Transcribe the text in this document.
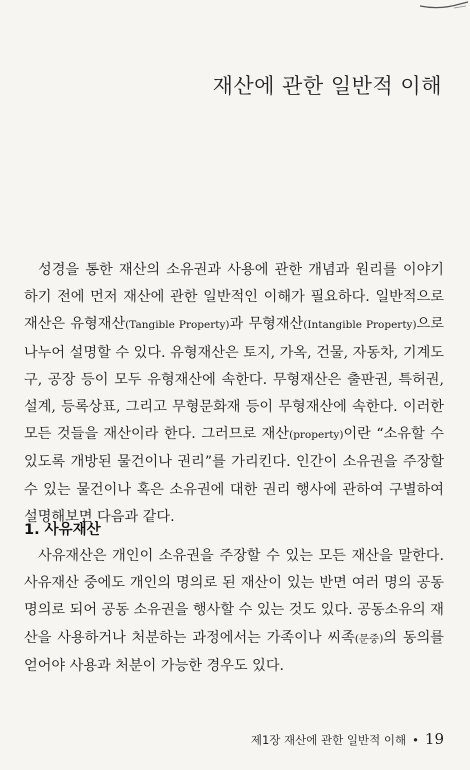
재산에 관한 일반적 이해

성경을 통한 재산의 소유권과 사용에 관한 개념과 원리를 이야기하기 전에 먼저 재산에 관한 일반적인 이해가 필요하다. 일반적으로 재산은 유형재산(Tangible Property)과 무형재산(Intangible Property)으로 나누어 설명할 수 있다. 유형재산은 토지, 가옥, 건물, 자동차, 기계도구, 공장 등이 모두 유형재산에 속한다. 무형재산은 출판권, 특허권, 설계, 등록상표, 그리고 무형문화재 등이 무형재산에 속한다. 이러한 모든 것들을 재산이라 한다. 그러므로 재산(property)이란 “소유할 수 있도록 개방된 물건이나 권리”를 가리킨다. 인간이 소유권을 주장할 수 있는 물건이나 혹은 소유권에 대한 권리 행사에 관하여 구별하여 설명해보면 다음과 같다.

1. 사유재산

사유재산은 개인이 소유권을 주장할 수 있는 모든 재산을 말한다. 사유재산 중에도 개인의 명의로 된 재산이 있는 반면 여러 명의 공동 명의로 되어 공동 소유권을 행사할 수 있는 것도 있다. 공동소유의 재산을 사용하거나 처분하는 과정에서는 가족이나 씨족(문중)의 동의를 얻어야 사용과 처분이 가능한 경우도 있다.

제1장 재산에 관한 일반적 이해 • 19
